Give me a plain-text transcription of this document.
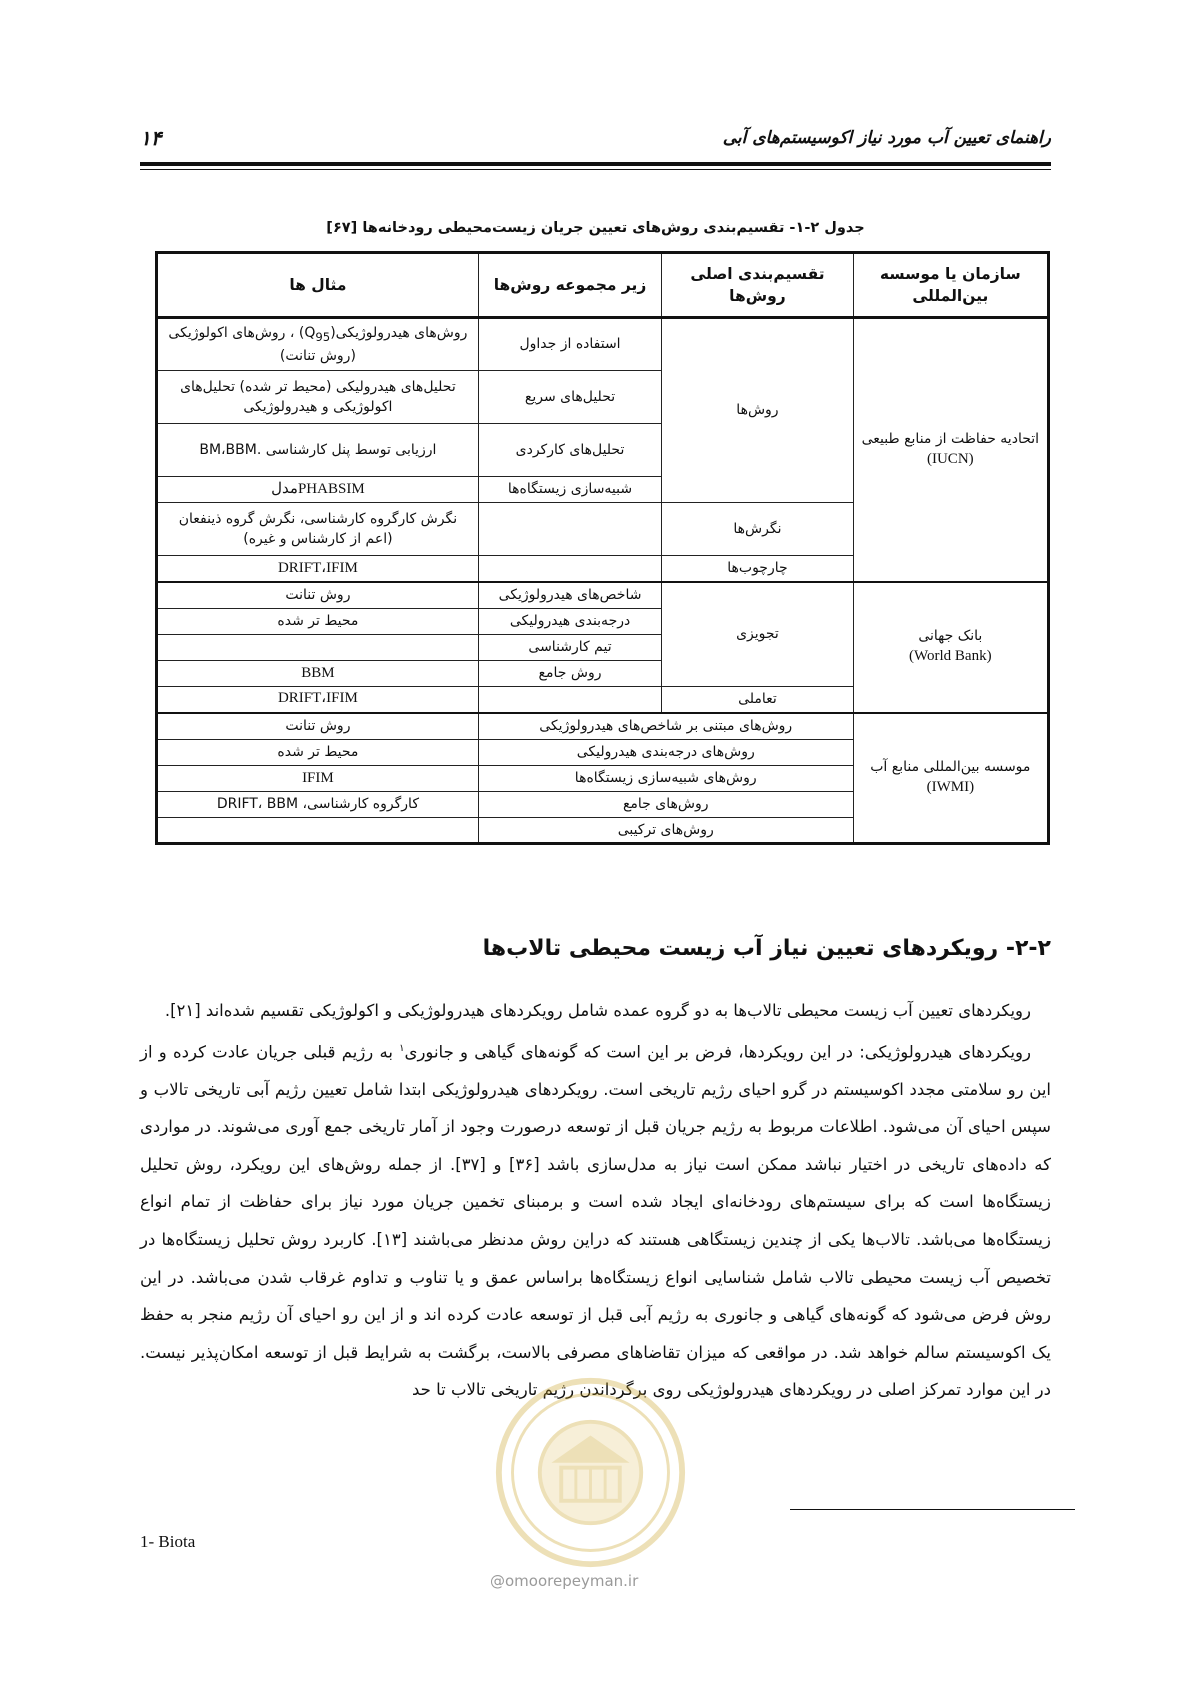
راهنمای تعیین آب مورد نیاز اکوسیستم‌های آبی
۱۴
جدول ۲-۱- تقسیم‌بندی روش‌های تعیین جریان زیست‌محیطی رودخانه‌ها [۶۷]
سازمان یا موسسه بین‌المللی	تقسیم‌بندی اصلی روش‌ها	زیر مجموعه روش‌ها	مثال ها

اتحادیه حفاظت از منابع طبیعی
(IUCN)	روش‌ها	استفاده از جداول	روش‌های $هیدرولوژیکی(Q_{95})$ ، روش‌های اکولوژیکی (روش تنانت)
		تحلیل‌های سریع	تحلیل‌های هیدرولیکی (محیط تر شده) تحلیل‌های اکولوژیکی و هیدرولوژیکی
		تحلیل‌های کارکردی	ارزیابی توسط پنل کارشناسی .BM،BBM
		شبیه‌سازی زیستگاه‌ها	PHABSIMمدل
	نگرش‌ها		نگرش کارگروه کارشناسی، نگرش گروه ذینفعان (اعم از کارشناس و غیره)
	چارچوب‌ها		DRIFT،IFIM

بانک جهانی
(World Bank)	تجویزی	شاخص‌های هیدرولوژیکی	روش تنانت
		درجه‌بندی هیدرولیکی	محیط تر شده
		تیم کارشناسی	
		روش جامع	BBM
	تعاملی		DRIFT،IFIM

موسسه بین‌المللی منابع آب
(IWMI)	روش‌های مبتنی بر شاخص‌های هیدرولوژیکی		روش تنانت
	روش‌های درجه‌بندی هیدرولیکی		محیط تر شده
	روش‌های شبیه‌سازی زیستگاه‌ها		IFIM
	روش‌های جامع		کارگروه کارشناسی، DRIFT، BBM
	روش‌های ترکیبی		
۲-۲- رویکردهای تعیین نیاز آب زیست محیطی تالاب‌ها

رویکردهای تعیین آب زیست محیطی تالاب‌ها به دو گروه عمده شامل رویکردهای هیدرولوژیکی و اکولوژیکی تقسیم شده‌اند [۲۱].

رویکردهای هیدرولوژیکی: در این رویکردها، فرض بر این است که گونه‌های گیاهی و جانوری$^۱$ به رژیم قبلی جریان عادت کرده و از این رو سلامتی مجدد اکوسیستم در گرو احیای رژیم تاریخی است. رویکردهای هیدرولوژیکی ابتدا شامل تعیین رژیم آبی تاریخی تالاب و سپس احیای آن می‌شود. اطلاعات مربوط به رژیم جریان قبل از توسعه درصورت وجود از آمار تاریخی جمع آوری می‌شوند. در مواردی که داده‌های تاریخی در اختیار نباشد ممکن است نیاز به مدل‌سازی باشد [۳۶] و [۳۷]. از جمله روش‌های این رویکرد، روش تحلیل زیستگاه‌ها است که برای سیستم‌های رودخانه‌ای ایجاد شده است و برمبنای تخمین جریان مورد نیاز برای حفاظت از تمام انواع زیستگاه‌ها می‌باشد. تالاب‌ها یکی از چندین زیستگاهی هستند که دراین روش مدنظر می‌باشند [۱۳]. کاربرد روش تحلیل زیستگاه‌ها در تخصیص آب زیست محیطی تالاب شامل شناسایی انواع زیستگاه‌ها براساس عمق و یا تناوب و تداوم غرقاب شدن می‌باشد. در این روش فرض می‌شود که گونه‌های گیاهی و جانوری به رژیم آبی قبل از توسعه عادت کرده اند و از این رو احیای آن رژیم منجر به حفظ یک اکوسیستم سالم خواهد شد. در مواقعی که میزان تقاضاهای مصرفی بالاست، برگشت به شرایط قبل از توسعه امکان‌پذیر نیست. در این موارد تمرکز اصلی در رویکردهای هیدرولوژیکی روی برگرداندن رژیم تاریخی تالاب تا حد

@omoorepeyman.ir
1- Biota
